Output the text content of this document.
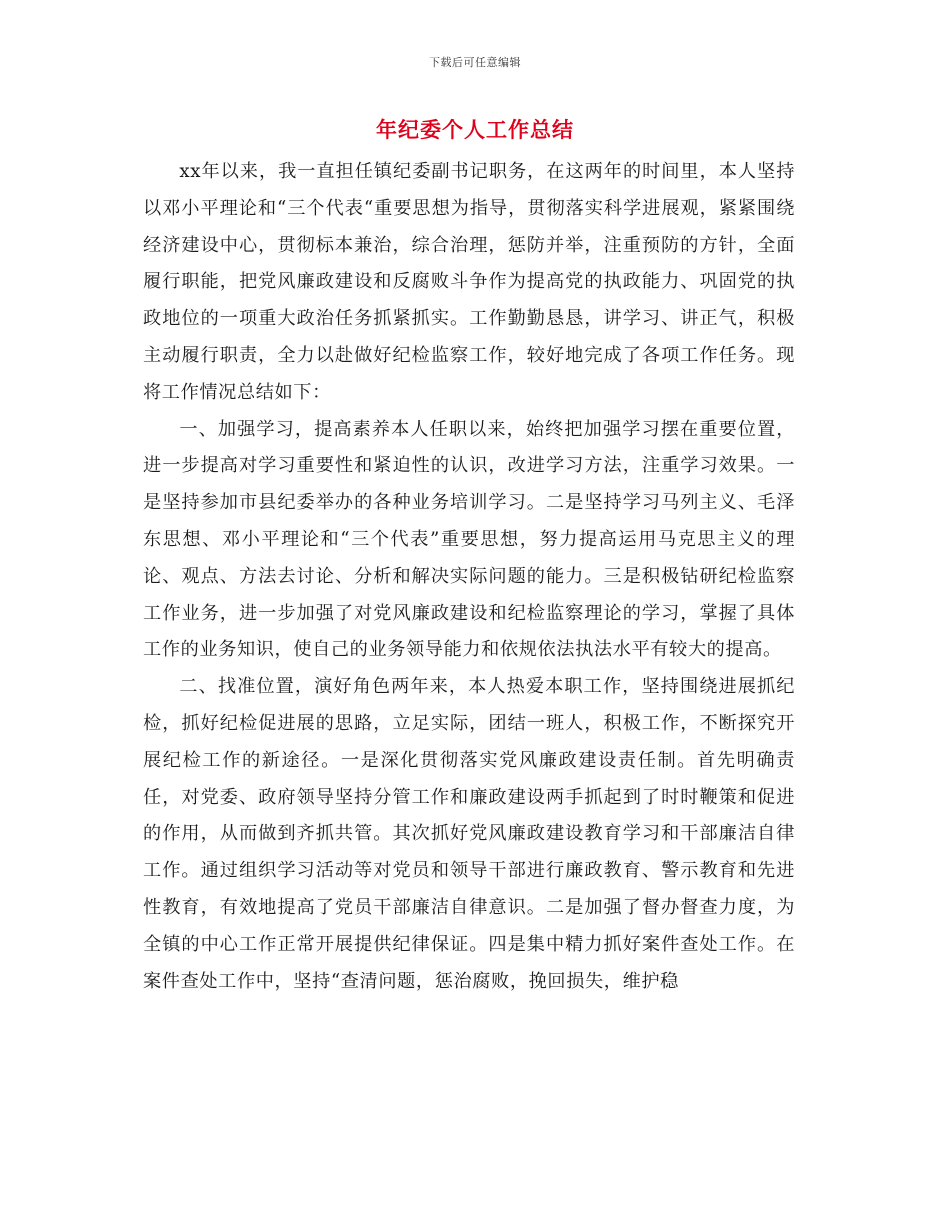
下载后可任意编辑
年纪委个人工作总结

xx年以来，我一直担任镇纪委副书记职务，在这两年的时间里，本人坚持以邓小平理论和“三个代表“重要思想为指导，贯彻落实科学进展观，紧紧围绕经济建设中心，贯彻标本兼治，综合治理，惩防并举，注重预防的方针，全面履行职能，把党风廉政建设和反腐败斗争作为提高党的执政能力、巩固党的执政地位的一项重大政治任务抓紧抓实。工作勤勤恳恳，讲学习、讲正气，积极主动履行职责，全力以赴做好纪检监察工作，较好地完成了各项工作任务。现将工作情况总结如下：

一、加强学习，提高素养本人任职以来，始终把加强学习摆在重要位置，进一步提高对学习重要性和紧迫性的认识，改进学习方法，注重学习效果。一是坚持参加市县纪委举办的各种业务培训学习。二是坚持学习马列主义、毛泽东思想、邓小平理论和“三个代表”重要思想，努力提高运用马克思主义的理论、观点、方法去讨论、分析和解决实际问题的能力。三是积极钻研纪检监察工作业务，进一步加强了对党风廉政建设和纪检监察理论的学习，掌握了具体工作的业务知识，使自己的业务领导能力和依规依法执法水平有较大的提高。

二、找准位置，演好角色两年来，本人热爱本职工作，坚持围绕进展抓纪检，抓好纪检促进展的思路，立足实际，团结一班人，积极工作，不断探究开展纪检工作的新途径。一是深化贯彻落实党风廉政建设责任制。首先明确责任，对党委、政府领导坚持分管工作和廉政建设两手抓起到了时时鞭策和促进的作用，从而做到齐抓共管。其次抓好党风廉政建设教育学习和干部廉洁自律工作。通过组织学习活动等对党员和领导干部进行廉政教育、警示教育和先进性教育，有效地提高了党员干部廉洁自律意识。二是加强了督办督查力度，为全镇的中心工作正常开展提供纪律保证。四是集中精力抓好案件查处工作。在案件查处工作中，坚持“查清问题，惩治腐败，挽回损失，维护稳
